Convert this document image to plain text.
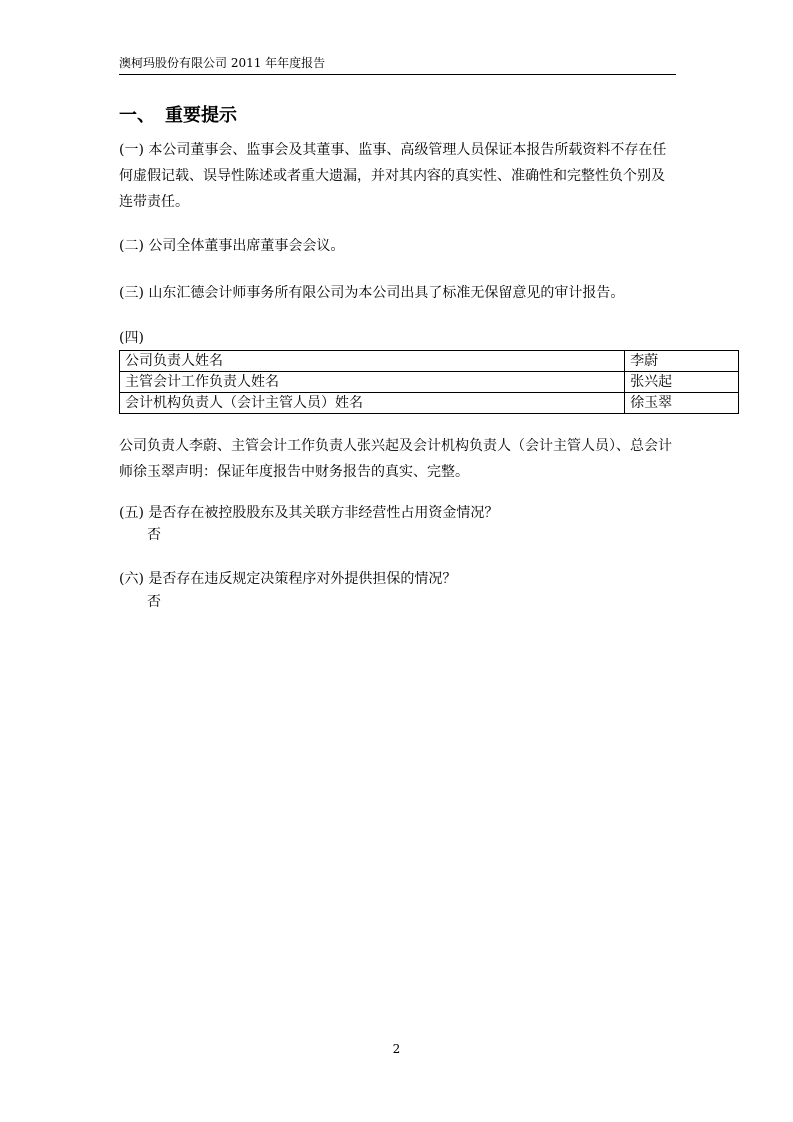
澳柯玛股份有限公司 2011 年年度报告
一、 重要提示
(一) 本公司董事会、监事会及其董事、监事、高级管理人员保证本报告所载资料不存在任何虚假记载、误导性陈述或者重大遗漏，并对其内容的真实性、准确性和完整性负个别及连带责任。
(二) 公司全体董事出席董事会会议。
(三) 山东汇德会计师事务所有限公司为本公司出具了标准无保留意见的审计报告。
(四)
公司负责人姓名	李蔚
主管会计工作负责人姓名	张兴起
会计机构负责人（会计主管人员）姓名	徐玉翠
公司负责人李蔚、主管会计工作负责人张兴起及会计机构负责人（会计主管人员）、总会计师徐玉翠声明：保证年度报告中财务报告的真实、完整。
(五) 是否存在被控股股东及其关联方非经营性占用资金情况？
否
(六) 是否存在违反规定决策程序对外提供担保的情况？
否
2
